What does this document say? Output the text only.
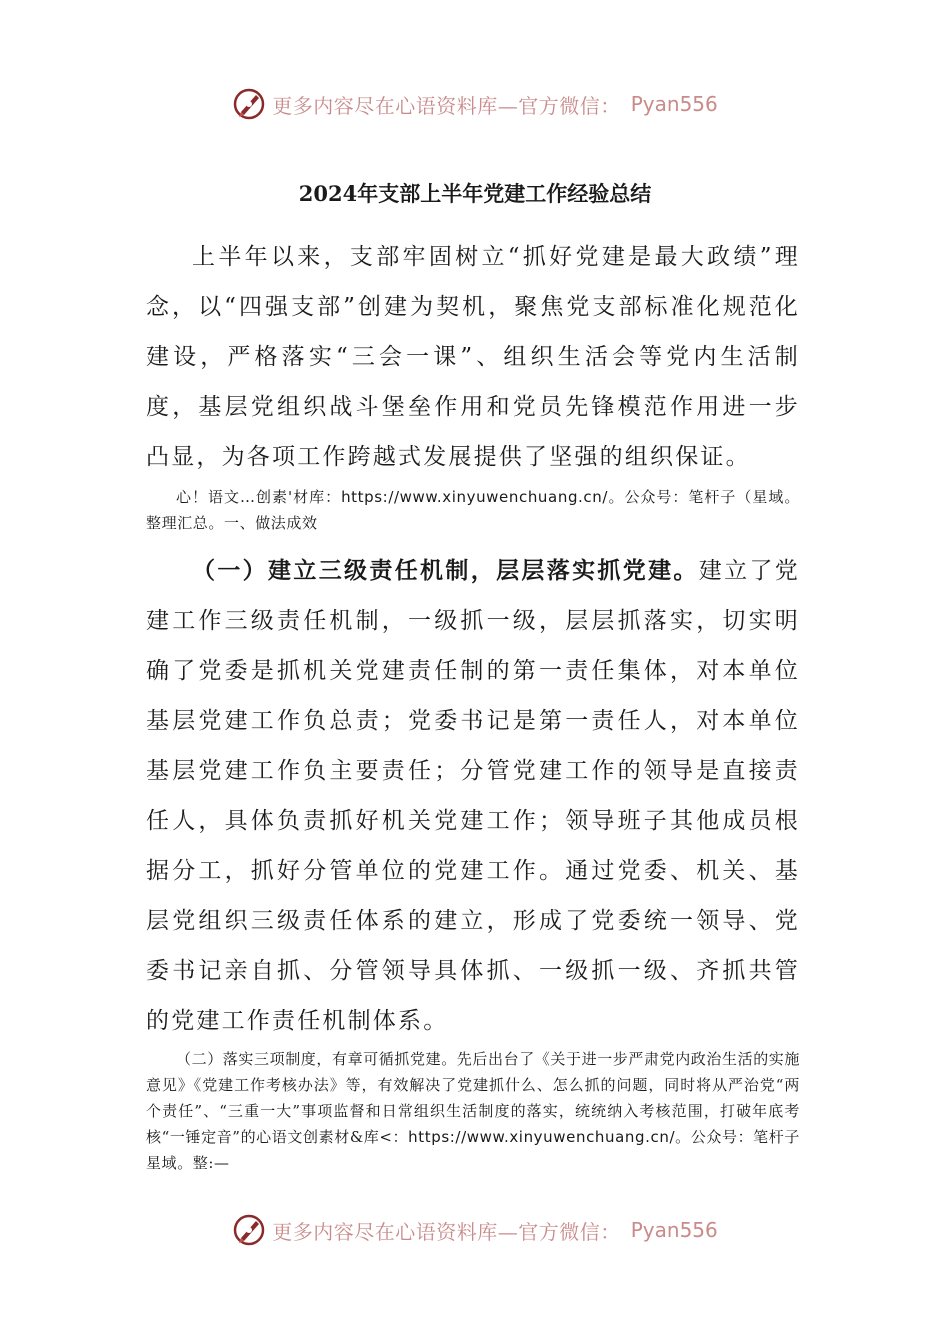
更多内容尽在心语资料库—官方微信： Pyan556
2024年支部上半年党建工作经验总结

上半年以来，支部牢固树立“抓好党建是最大政绩”理念，以“四强支部”创建为契机，聚焦党支部标准化规范化建设，严格落实“三会一课”、组织生活会等党内生活制度，基层党组织战斗堡垒作用和党员先锋模范作用进一步凸显，为各项工作跨越式发展提供了坚强的组织保证。

心！语文…创素'材库：https://www.xinyuwenchuang.cn/。公众号：笔杆子（星域。整理汇总。一、做法成效

（一）建立三级责任机制，层层落实抓党建。建立了党建工作三级责任机制，一级抓一级，层层抓落实，切实明确了党委是抓机关党建责任制的第一责任集体，对本单位基层党建工作负总责；党委书记是第一责任人，对本单位基层党建工作负主要责任；分管党建工作的领导是直接责任人，具体负责抓好机关党建工作；领导班子其他成员根据分工，抓好分管单位的党建工作。通过党委、机关、基层党组织三级责任体系的建立，形成了党委统一领导、党委书记亲自抓、分管领导具体抓、一级抓一级、齐抓共管的党建工作责任机制体系。

（二）落实三项制度，有章可循抓党建。先后出台了《关于进一步严肃党内政治生活的实施意见》《党建工作考核办法》等，有效解决了党建抓什么、怎么抓的问题，同时将从严治党“两个责任”、“三重一大”事项监督和日常组织生活制度的落实，统统纳入考核范围，打破年底考核“一锤定音”的心语文创素材&库<：https://www.xinyuwenchuang.cn/。公众号：笔杆子星域。整:—

更多内容尽在心语资料库—官方微信： Pyan556
